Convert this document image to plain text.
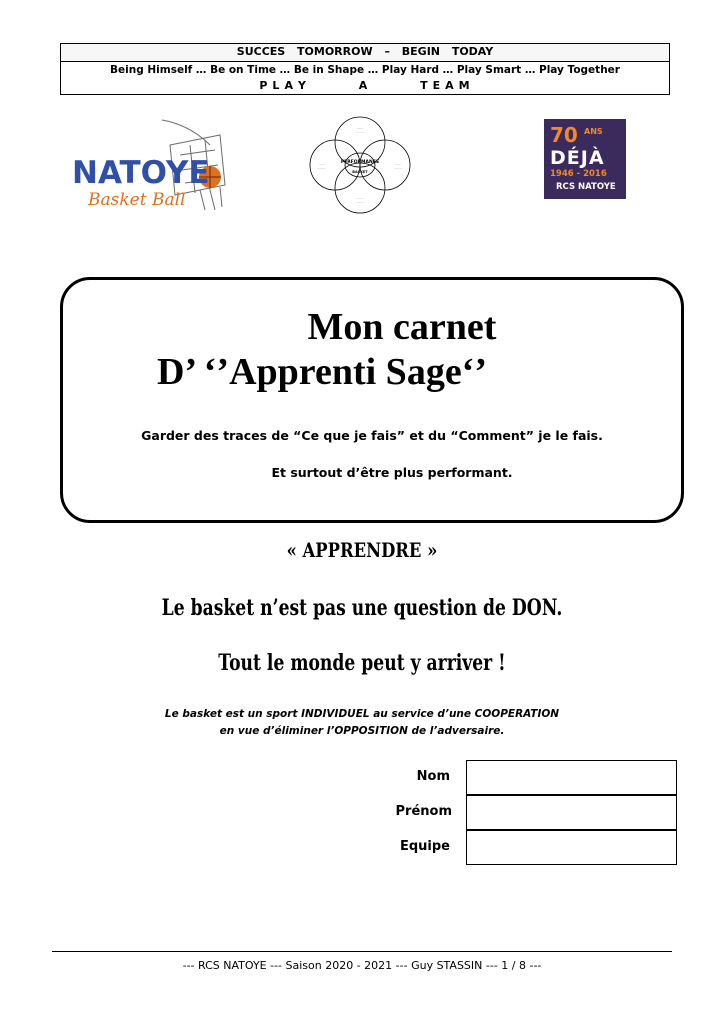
SUCCES TOMORROW – BEGIN TODAY
Being Himself … Be on Time … Be in Shape … Play Hard … Play Smart … Play Together
P L A Y	A	T E A M
NATOYE
Basket Ball
·······
········
·······
·········
·······
········
········
·········
PERFORMANCE
BASKET
70 ANS
DÉJÀ
1946 - 2016
RCS NATOYE
Mon carnet
D’ ‘’Apprenti Sage‘’
Garder des traces de “Ce que je fais” et du “Comment” je le fais.
Et surtout d’être plus performant.
« APPRENDRE »
Le basket n’est pas une question de DON.
Tout le monde peut y arriver !
Le basket est un sport INDIVIDUEL au service d’une COOPERATION
en vue d’éliminer l’OPPOSITION de l’adversaire.
Nom
Prénom
Equipe
--- RCS NATOYE --- Saison 2020 - 2021 --- Guy STASSIN --- 1 / 8 ---
